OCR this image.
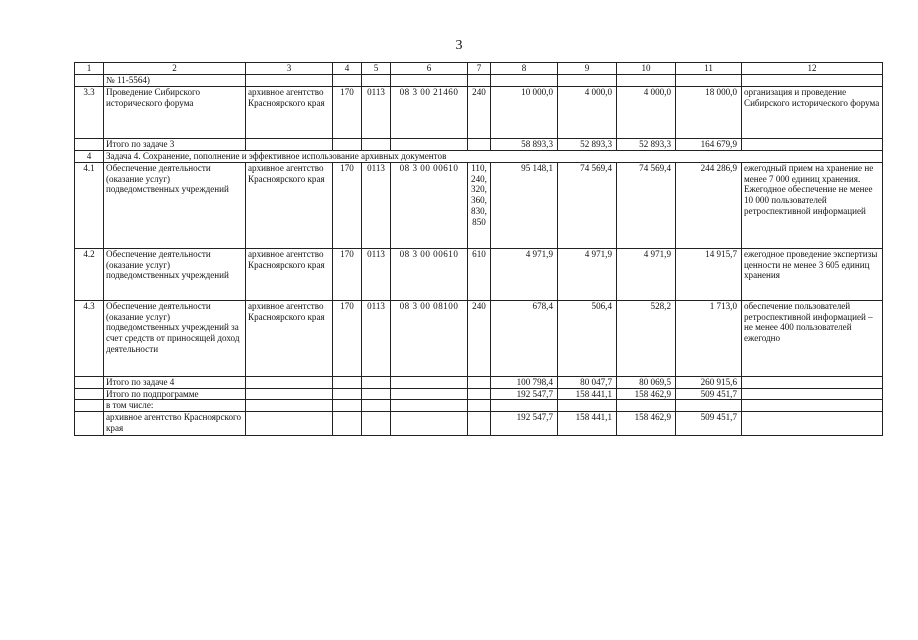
3
1	2	3	4	5	6	7	8	9	10	11	12
	№ 11-5564)										
3.3	Проведение Сибирского исторического форума	архивное агентство Красноярского края	170	0113	08 3 00 21460	240	10 000,0	4 000,0	4 000,0	18 000,0	организация и проведение Сибирского исторического форума
	Итого по задаче 3						58 893,3	52 893,3	52 893,3	164 679,9	
4	Задача 4. Сохранение, пополнение и эффективное использование архивных документов										
4.1	Обеспечение деятельности (оказание услуг) подведомственных учреждений	архивное агентство Красноярского края	170	0113	08 3 00 00610	110, 240, 320, 360, 830, 850	95 148,1	74 569,4	74 569,4	244 286,9	ежегодный прием на хранение не менее 7 000 единиц хранения. Ежегодное обеспечение не менее 10 000 пользователей ретроспективной информацией
4.2	Обеспечение деятельности (оказание услуг) подведомственных учреждений	архивное агентство Красноярского края	170	0113	08 3 00 00610	610	4 971,9	4 971,9	4 971,9	14 915,7	ежегодное проведение экспертизы ценности не менее 3 605 единиц хранения
4.3	Обеспечение деятельности (оказание услуг) подведомственных учреждений за счет средств от приносящей доход деятельности	архивное агентство Красноярского края	170	0113	08 3 00 08100	240	678,4	506,4	528,2	1 713,0	обеспечение пользователей ретроспективной информацией – не менее 400 пользователей ежегодно
	Итого по задаче 4						100 798,4	80 047,7	80 069,5	260 915,6	
	Итого по подпрограмме						192 547,7	158 441,1	158 462,9	509 451,7	
	в том числе:										
	архивное агентство Красноярского края						192 547,7	158 441,1	158 462,9	509 451,7	
